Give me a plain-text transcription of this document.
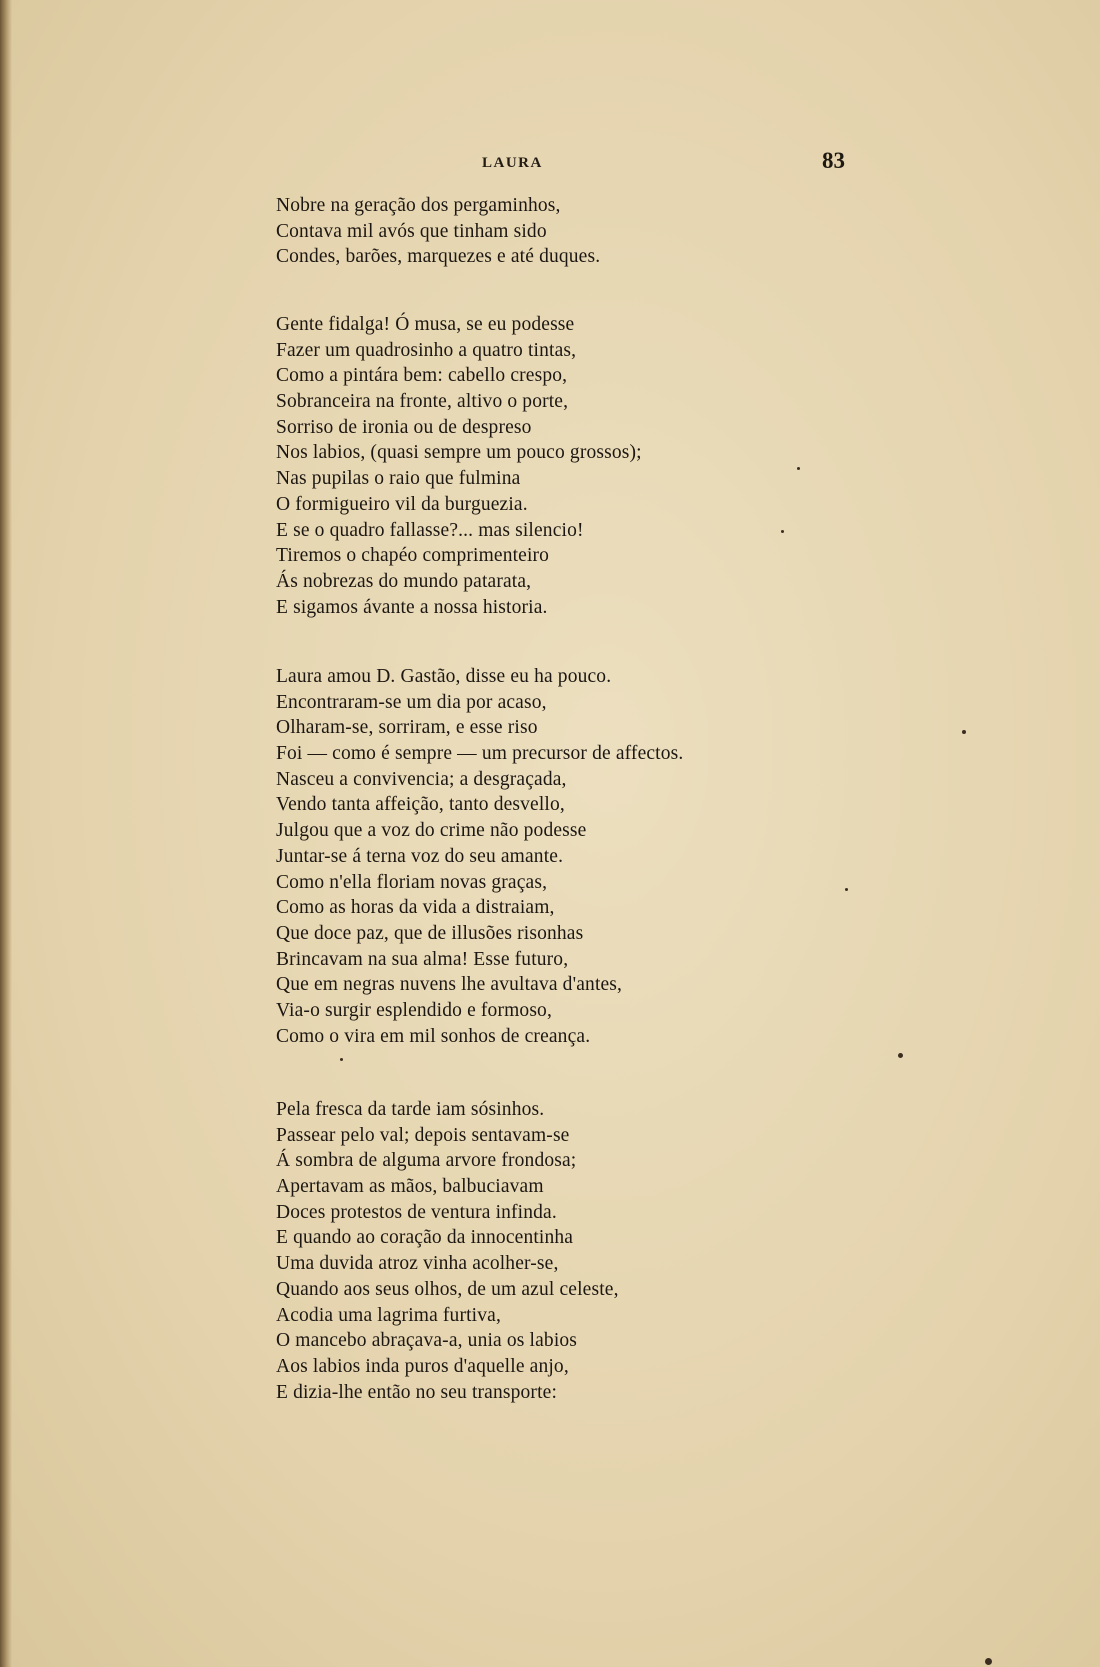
LAURA	83
Nobre na geração dos pergaminhos,
Contava mil avós que tinham sido
Condes, barões, marquezes e até duques.
Gente fidalga! Ó musa, se eu podesse
Fazer um quadrosinho a quatro tintas,
Como a pintára bem: cabello crespo,
Sobranceira na fronte, altivo o porte,
Sorriso de ironia ou de despreso
Nos labios, (quasi sempre um pouco grossos);
Nas pupilas o raio que fulmina
O formigueiro vil da burguezia.
E se o quadro fallasse?... mas silencio!
Tiremos o chapéo comprimenteiro
Ás nobrezas do mundo patarata,
E sigamos ávante a nossa historia.
Laura amou D. Gastão, disse eu ha pouco.
Encontraram-se um dia por acaso,
Olharam-se, sorriram, e esse riso
Foi — como é sempre — um precursor de affectos.
Nasceu a convivencia; a desgraçada,
Vendo tanta affeição, tanto desvello,
Julgou que a voz do crime não podesse
Juntar-se á terna voz do seu amante.
Como n'ella floriam novas graças,
Como as horas da vida a distraiam,
Que doce paz, que de illusões risonhas
Brincavam na sua alma! Esse futuro,
Que em negras nuvens lhe avultava d'antes,
Via-o surgir esplendido e formoso,
Como o vira em mil sonhos de creança.
Pela fresca da tarde iam sósinhos.
Passear pelo val; depois sentavam-se
Á sombra de alguma arvore frondosa;
Apertavam as mãos, balbuciavam
Doces protestos de ventura infinda.
E quando ao coração da innocentinha
Uma duvida atroz vinha acolher-se,
Quando aos seus olhos, de um azul celeste,
Acodia uma lagrima furtiva,
O mancebo abraçava-a, unia os labios
Aos labios inda puros d'aquelle anjo,
E dizia-lhe então no seu transporte:
